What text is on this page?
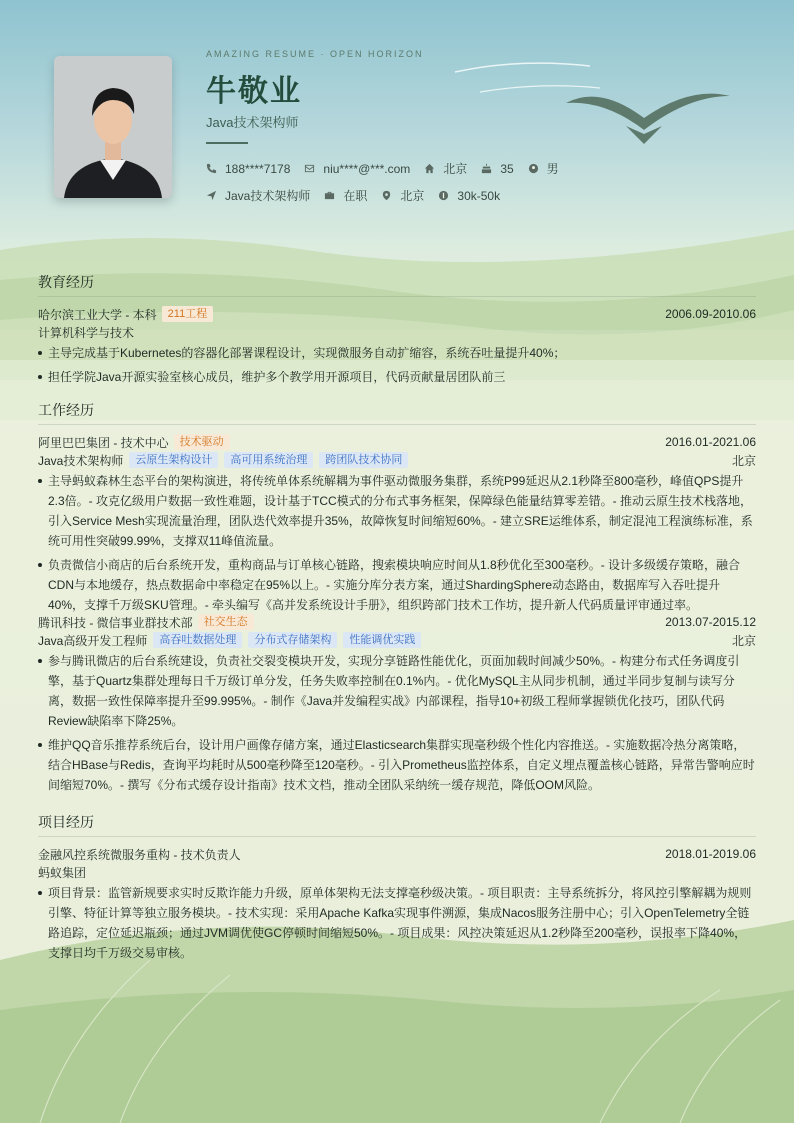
AMAZING RESUME · OPEN HORIZON
牛敬业
Java技术架构师
188****7178	niu****@***.com	北京	35	男
Java技术架构师	在职	北京	30k-50k
教育经历
哈尔滨工业大学 - 本科	211工程	2006.09-2010.06
计算机科学与技术
主导完成基于Kubernetes的容器化部署课程设计，实现微服务自动扩缩容，系统吞吐量提升40%；
担任学院Java开源实验室核心成员，维护多个教学用开源项目，代码贡献量居团队前三
工作经历
阿里巴巴集团 - 技术中心	技术驱动	2016.01-2021.06
Java技术架构师	云原生架构设计	高可用系统治理	跨团队技术协同	北京
主导蚂蚁森林生态平台的架构演进，将传统单体系统解耦为事件驱动微服务集群，系统P99延迟从2.1秒降至800毫秒，峰值QPS提升2.3倍。- 攻克亿级用户数据一致性难题，设计基于TCC模式的分布式事务框架，保障绿色能量结算零差错。- 推动云原生技术栈落地，引入Service Mesh实现流量治理，团队迭代效率提升35%，故障恢复时间缩短60%。- 建立SRE运维体系，制定混沌工程演练标准，系统可用性突破99.99%，支撑双11峰值流量。
负责微信小商店的后台系统开发，重构商品与订单核心链路，搜索模块响应时间从1.8秒优化至300毫秒。- 设计多级缓存策略，融合CDN与本地缓存，热点数据命中率稳定在95%以上。- 实施分库分表方案，通过ShardingSphere动态路由，数据库写入吞吐提升40%，支撑千万级SKU管理。- 牵头编写《高并发系统设计手册》，组织跨部门技术工作坊，提升新人代码质量评审通过率。
腾讯科技 - 微信事业群技术部	社交生态	2013.07-2015.12
Java高级开发工程师	高吞吐数据处理	分布式存储架构	性能调优实践	北京
参与腾讯微店的后台系统建设，负责社交裂变模块开发，实现分享链路性能优化，页面加载时间减少50%。- 构建分布式任务调度引擎，基于Quartz集群处理每日千万级订单分发，任务失败率控制在0.1%内。- 优化MySQL主从同步机制，通过半同步复制与读写分离，数据一致性保障率提升至99.995%。- 制作《Java并发编程实战》内部课程，指导10+初级工程师掌握锁优化技巧，团队代码Review缺陷率下降25%。
维护QQ音乐推荐系统后台，设计用户画像存储方案，通过Elasticsearch集群实现毫秒级个性化内容推送。- 实施数据冷热分离策略，结合HBase与Redis，查询平均耗时从500毫秒降至120毫秒。- 引入Prometheus监控体系，自定义埋点覆盖核心链路，异常告警响应时间缩短70%。- 撰写《分布式缓存设计指南》技术文档，推动全团队采纳统一缓存规范，降低OOM风险。
项目经历
金融风控系统微服务重构 - 技术负责人	2018.01-2019.06
蚂蚁集团
项目背景：监管新规要求实时反欺诈能力升级，原单体架构无法支撑毫秒级决策。- 项目职责：主导系统拆分，将风控引擎解耦为规则引擎、特征计算等独立服务模块。- 技术实现：采用Apache Kafka实现事件溯源，集成Nacos服务注册中心；引入OpenTelemetry全链路追踪，定位延迟瓶颈；通过JVM调优使GC停顿时间缩短50%。- 项目成果：风控决策延迟从1.2秒降至200毫秒，误报率下降40%，支撑日均千万级交易审核。
